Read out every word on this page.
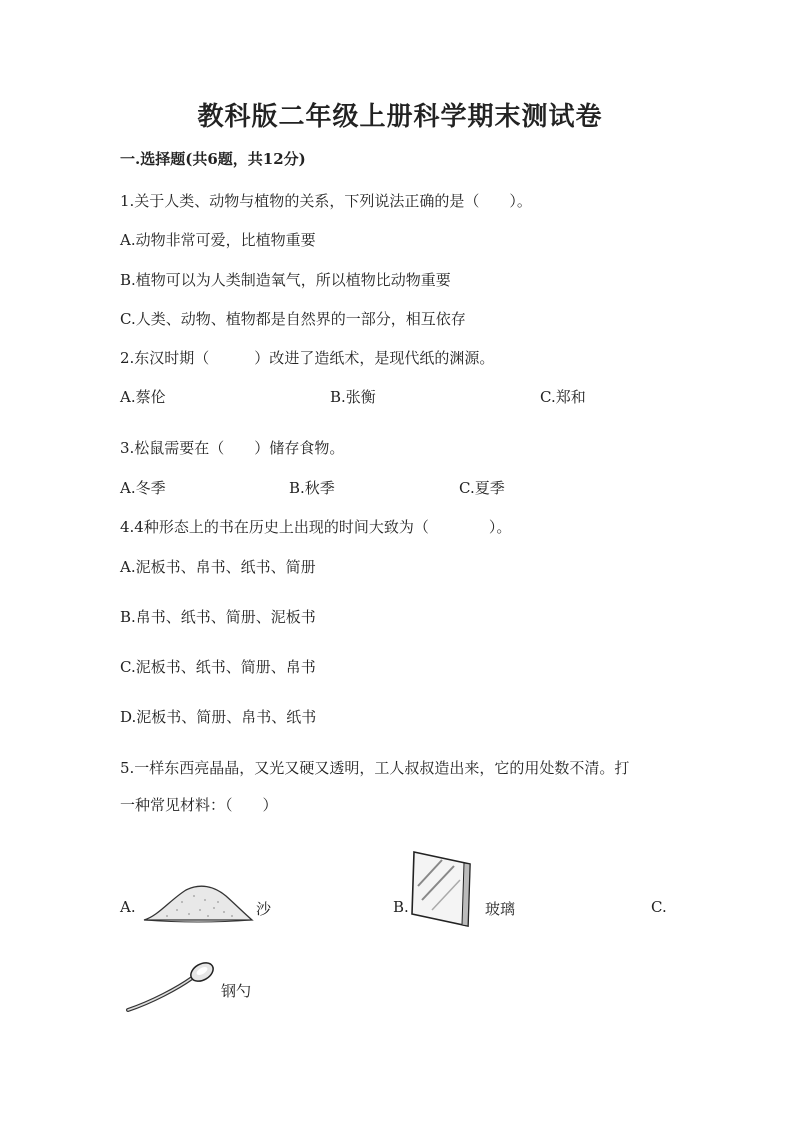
教科版二年级上册科学期末测试卷
一.选择题(共6题，共12分)
1.关于人类、动物与植物的关系，下列说法正确的是（　　）。
A.动物非常可爱，比植物重要
B.植物可以为人类制造氧气，所以植物比动物重要
C.人类、动物、植物都是自然界的一部分，相互依存
2.东汉时期（　　　）改进了造纸术，是现代纸的渊源。
A.蔡伦	B.张衡	C.郑和
3.松鼠需要在（　　）储存食物。
A.冬季	B.秋季	C.夏季
4.4种形态上的书在历史上出现的时间大致为（　　　　）。
A.泥板书、帛书、纸书、简册
B.帛书、纸书、简册、泥板书
C.泥板书、纸书、简册、帛书
D.泥板书、简册、帛书、纸书
5.一样东西亮晶晶，又光又硬又透明，工人叔叔造出来，它的用处数不清。打
一种常见材料：（　　）
A.	沙	B.	玻璃	C.
钢勺
